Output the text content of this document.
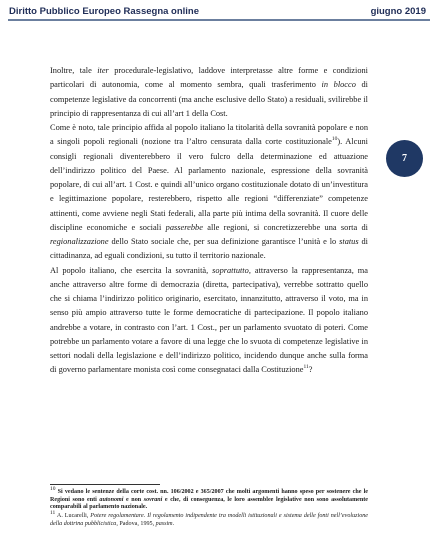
Diritto Pubblico Europeo Rassegna online	giugno 2019
7

Inoltre, tale iter procedurale-legislativo, laddove interpretasse altre forme e condizioni particolari di autonomia, come al momento sembra, quali trasferimento in blocco di competenze legislative da concorrenti (ma anche esclusive dello Stato) a residuali, svilirebbe il principio di rappresentanza di cui all’art 1 della Cost.

Come è noto, tale principio affida al popolo italiano la titolarità della sovranità popolare e non a singoli popoli regionali (nozione tra l’altro censurata dalla corte costituzionale$^{10}$). Alcuni consigli regionali diventerebbero il vero fulcro della determinazione ed attuazione dell’indirizzo politico del Paese. Al parlamento nazionale, espressione della sovranità popolare, di cui all’art. 1 Cost. e quindi all’unico organo costituzionale dotato di un’investitura e legittimazione popolare, resterebbero, rispetto alle regioni “differenziate” competenze attinenti, come avviene negli Stati federali, alla parte più intima della sovranità. Il cuore delle discipline economiche e sociali passerebbe alle regioni, si concretizzerebbe una sorta di regionalizzazione dello Stato sociale che, per sua definizione garantisce l’unità e lo status di cittadinanza, ad eguali condizioni, su tutto il territorio nazionale.

Al popolo italiano, che esercita la sovranità, soprattutto, attraverso la rappresentanza, ma anche attraverso altre forme di democrazia (diretta, partecipativa), verrebbe sottratto quello che si chiama l’indirizzo politico originario, esercitato, innanzitutto, attraverso il voto, ma in senso più ampio attraverso tutte le forme democratiche di partecipazione. Il popolo italiano andrebbe a votare, in contrasto con l’art. 1 Cost., per un parlamento svuotato di poteri. Come potrebbe un parlamento votare a favore di una legge che lo svuota di competenze legislative in settori nodali della legislazione e dell’indirizzo politico, incidendo dunque anche sulla forma di governo parlamentare monista così come consegnataci dalla Costituzione$^{11}$?

$^{10}$ Si vedano le sentenze della corte cost. nn. 106/2002 e 365/2007 che molti argomenti hanno speso per sostenere che le Regioni sono enti autonomi e non sovrani e che, di conseguenza, le loro assemblee legislative non sono assolutamente comparabili al parlamento nazionale.

$^{11}$ A. Lucarelli, Potere regolamentare. Il regolamento indipendente tra modelli istituzionali e sistema delle fonti nell’evoluzione della dottrina pubblicistica, Padova, 1995, passim.
